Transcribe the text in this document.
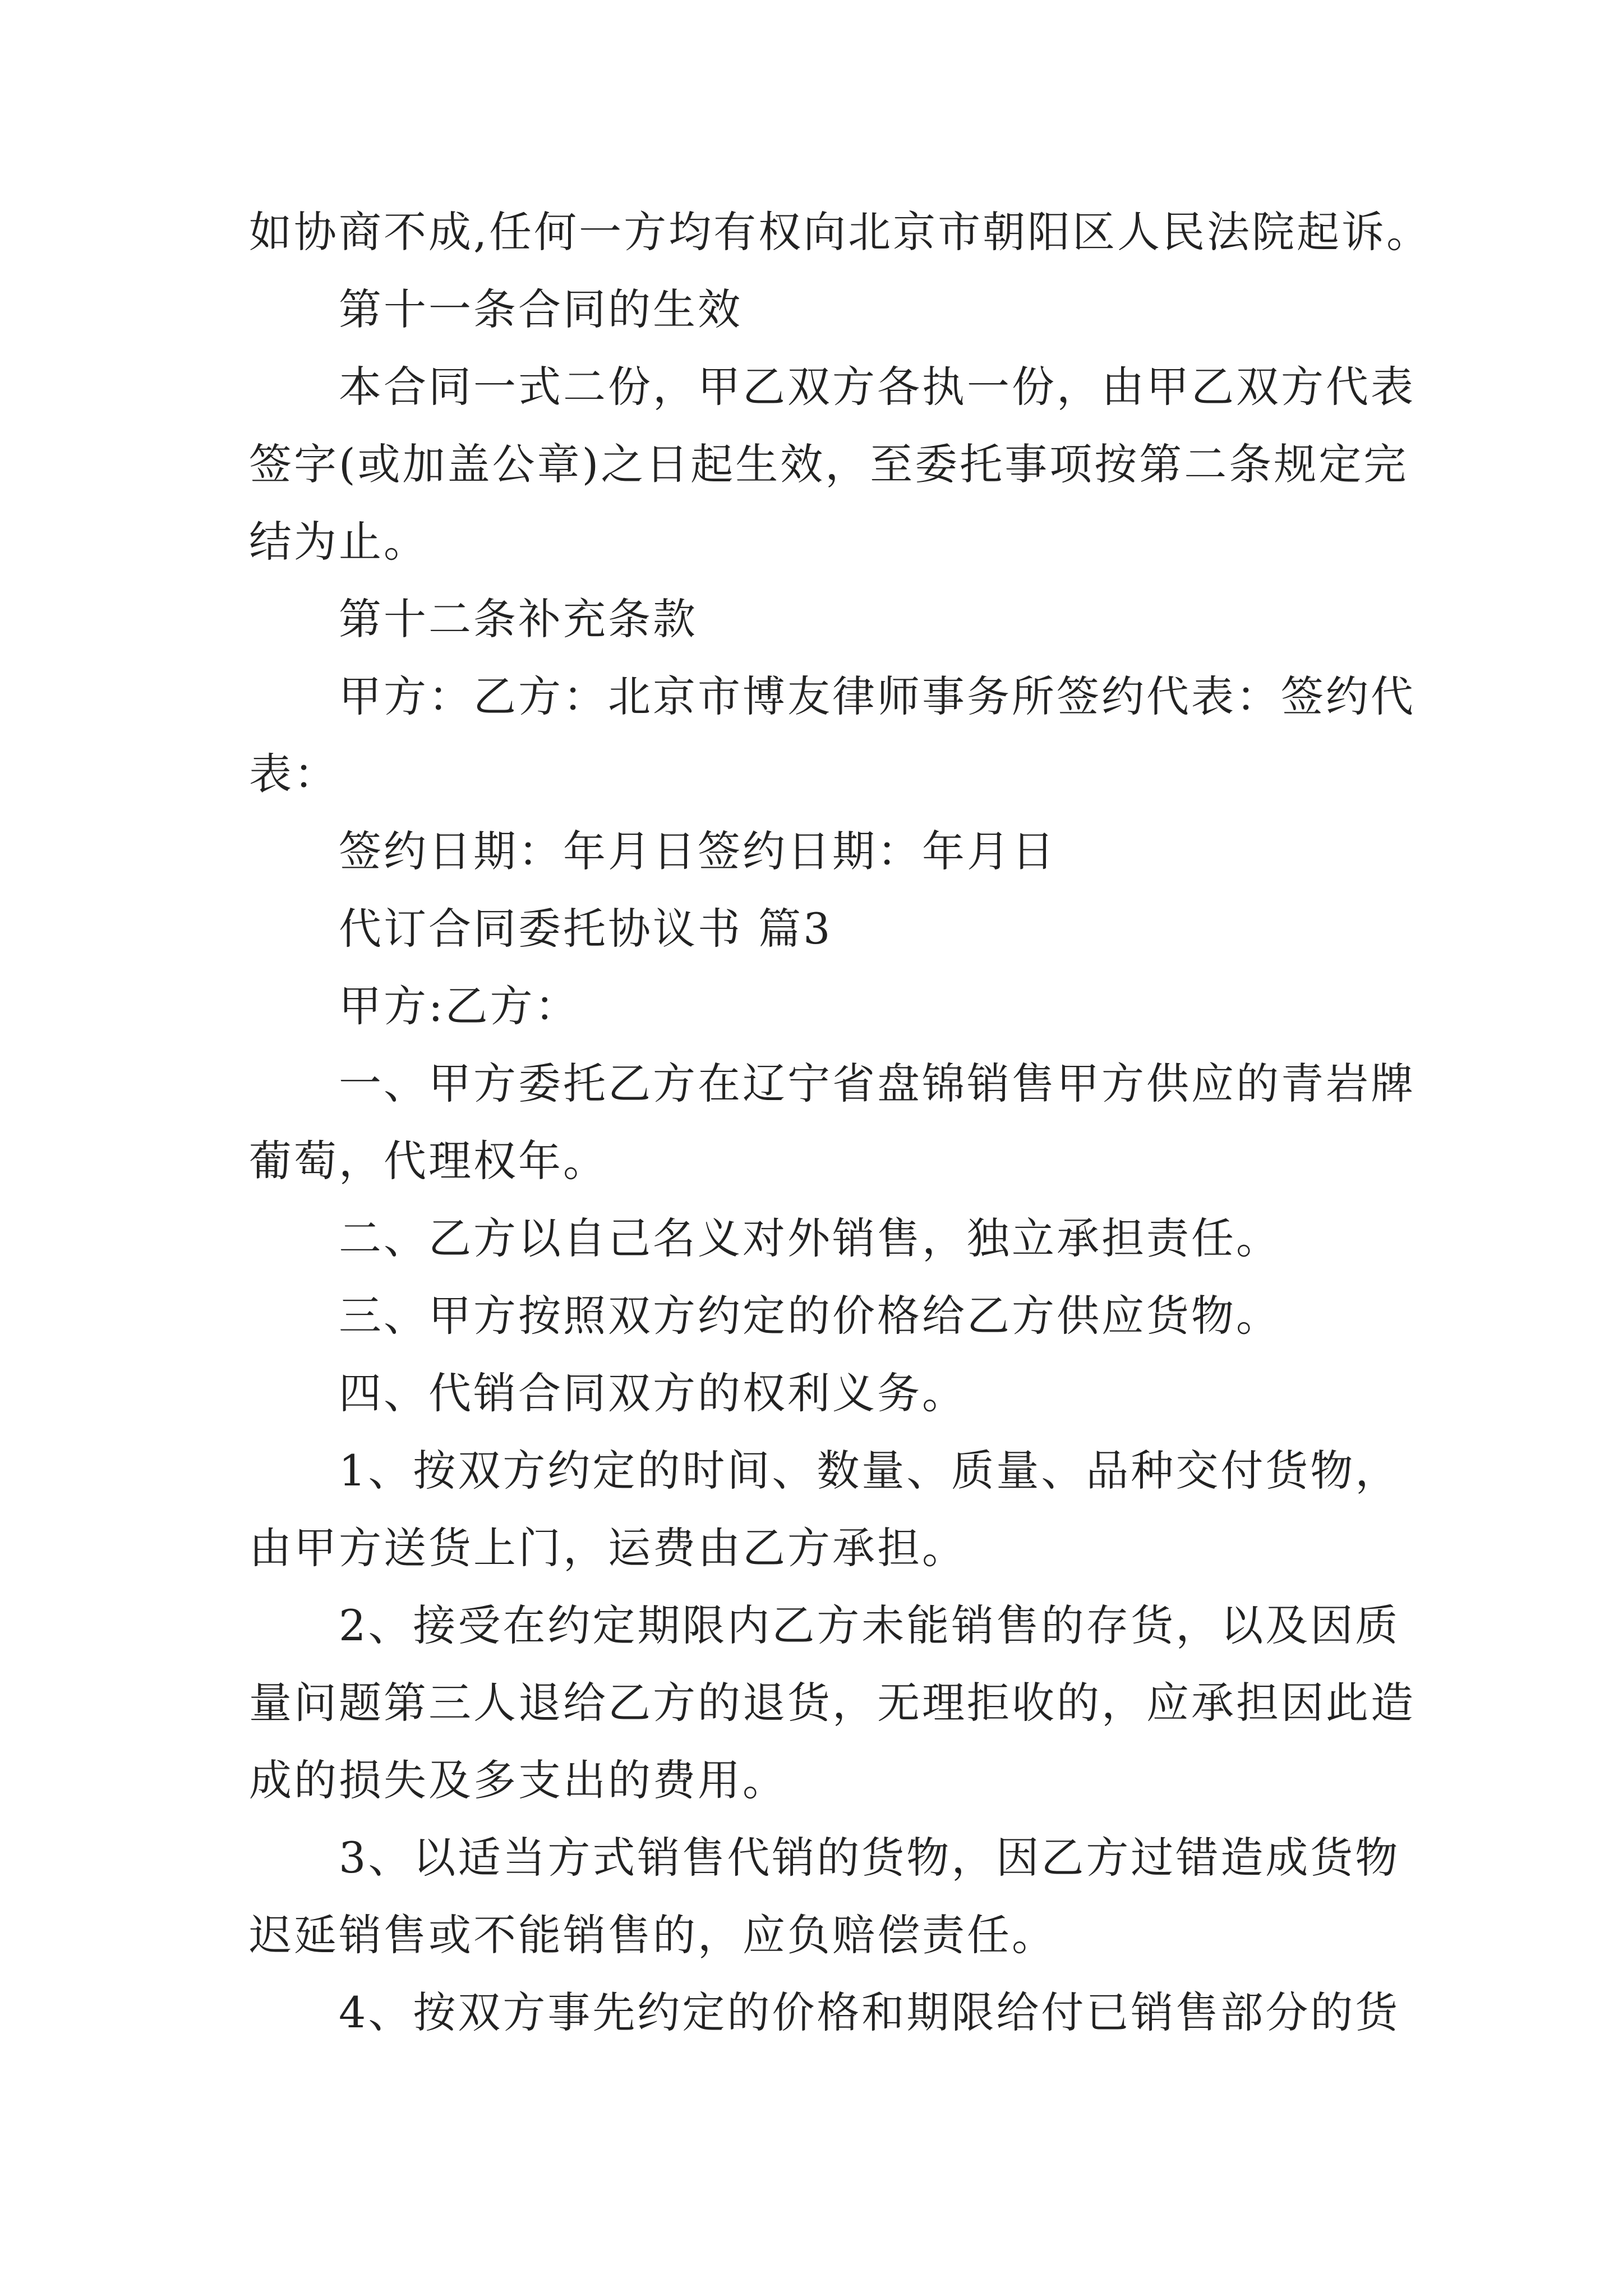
如协商不成,任何一方均有权向北京市朝阳区人民法院起诉。
第十一条合同的生效
本合同一式二份，甲乙双方各执一份，由甲乙双方代表
签字(或加盖公章)之日起生效，至委托事项按第二条规定完
结为止。
第十二条补充条款
甲方：乙方：北京市博友律师事务所签约代表：签约代
表：
签约日期：年月日签约日期：年月日
代订合同委托协议书 篇3
甲方:乙方：
一、甲方委托乙方在辽宁省盘锦销售甲方供应的青岩牌
葡萄，代理权年。
二、乙方以自己名义对外销售，独立承担责任。
三、甲方按照双方约定的价格给乙方供应货物。
四、代销合同双方的权利义务。
1、按双方约定的时间、数量、质量、品种交付货物，
由甲方送货上门，运费由乙方承担。
2、接受在约定期限内乙方未能销售的存货，以及因质
量问题第三人退给乙方的退货，无理拒收的，应承担因此造
成的损失及多支出的费用。
3、以适当方式销售代销的货物，因乙方过错造成货物
迟延销售或不能销售的，应负赔偿责任。
4、按双方事先约定的价格和期限给付已销售部分的货
